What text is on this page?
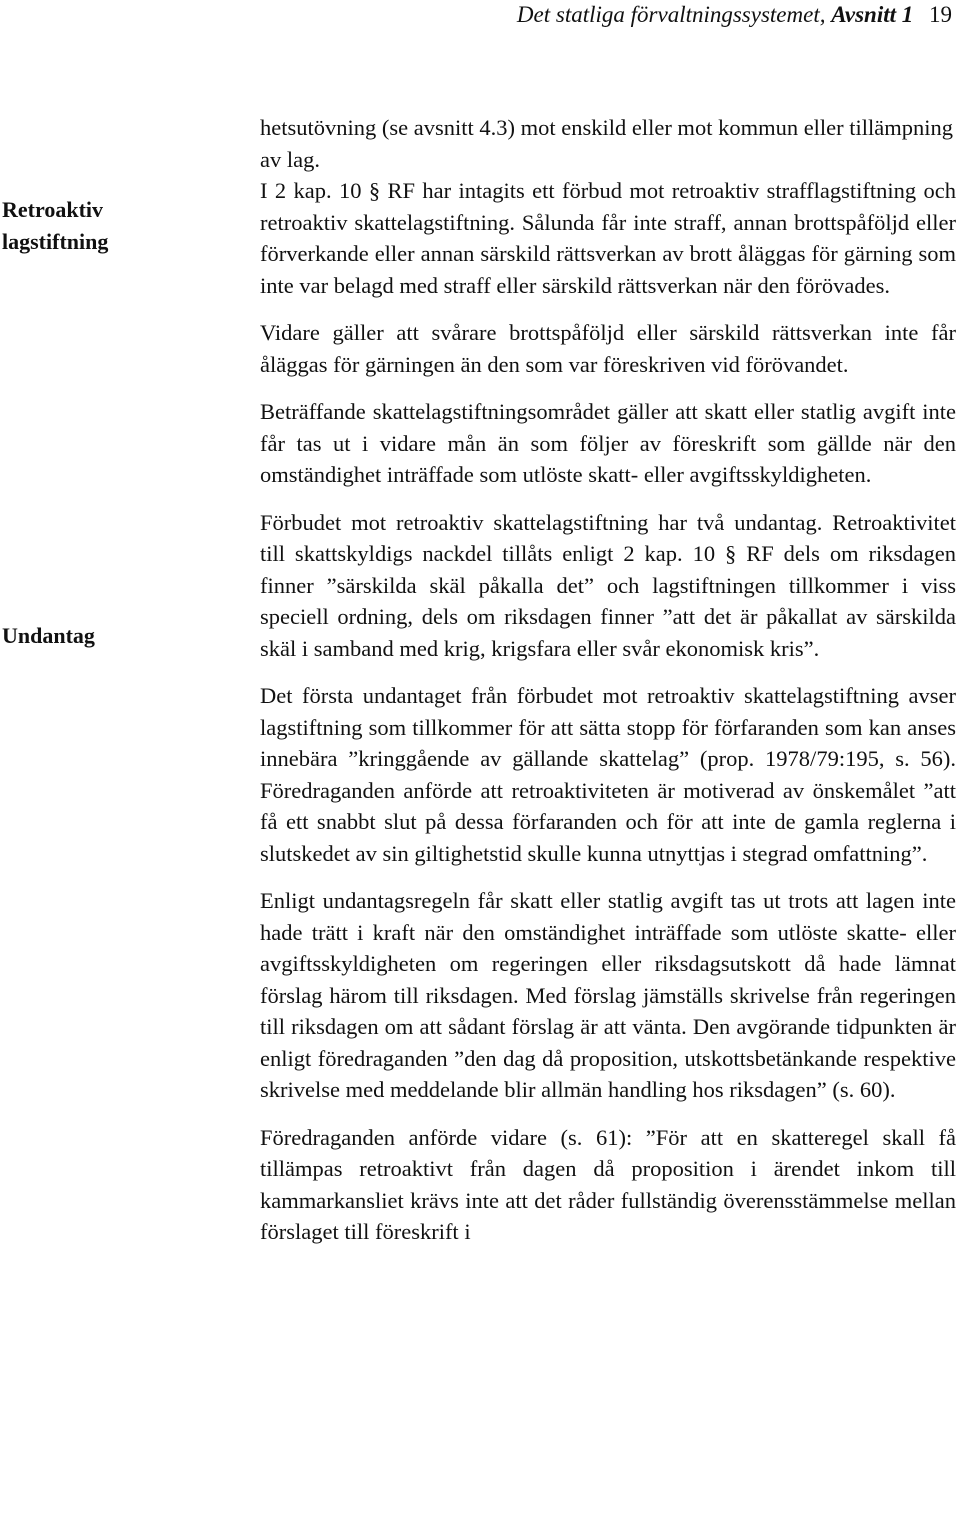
Det statliga förvaltningssystemet, Avsnitt 1 19
Retroaktiv lagstiftning
Undantag

hetsutövning (se avsnitt 4.3) mot enskild eller mot kommun eller tillämpning av lag.

I 2 kap. 10 § RF har intagits ett förbud mot retroaktiv strafflagstiftning och retroaktiv skattelagstiftning. Sålunda får inte straff, annan brottspåföljd eller förverkande eller annan särskild rättsverkan av brott åläggas för gärning som inte var belagd med straff eller särskild rättsverkan när den förövades.

Vidare gäller att svårare brottspåföljd eller särskild rättsverkan inte får åläggas för gärningen än den som var föreskriven vid förövandet.

Beträffande skattelagstiftningsområdet gäller att skatt eller statlig avgift inte får tas ut i vidare mån än som följer av föreskrift som gällde när den omständighet inträffade som utlöste skatt- eller avgiftsskyldigheten.

Förbudet mot retroaktiv skattelagstiftning har två undantag. Retroaktivitet till skattskyldigs nackdel tillåts enligt 2 kap. 10 § RF dels om riksdagen finner ”särskilda skäl påkalla det” och lagstiftningen tillkommer i viss speciell ordning, dels om riksdagen finner ”att det är påkallat av särskilda skäl i samband med krig, krigsfara eller svår ekonomisk kris”.

Det första undantaget från förbudet mot retroaktiv skattelagstiftning avser lagstiftning som tillkommer för att sätta stopp för förfaranden som kan anses innebära ”kringgående av gällande skattelag” (prop. 1978/79:195, s. 56). Föredraganden anförde att retroaktiviteten är motiverad av önskemålet ”att få ett snabbt slut på dessa förfaranden och för att inte de gamla reglerna i slutskedet av sin giltighetstid skulle kunna utnyttjas i stegrad omfattning”.

Enligt undantagsregeln får skatt eller statlig avgift tas ut trots att lagen inte hade trätt i kraft när den omständighet inträffade som utlöste skatte- eller avgiftsskyldigheten om regeringen eller riksdagsutskott då hade lämnat förslag härom till riksdagen. Med förslag jämställs skrivelse från regeringen till riksdagen om att sådant förslag är att vänta. Den avgörande tidpunkten är enligt föredraganden ”den dag då proposition, utskottsbetänkande respektive skrivelse med meddelande blir allmän handling hos riksdagen” (s. 60).

Föredraganden anförde vidare (s. 61): ”För att en skatteregel skall få tillämpas retroaktivt från dagen då proposition i ärendet inkom till kammarkansliet krävs inte att det råder fullständig överensstämmelse mellan förslaget till föreskrift i
